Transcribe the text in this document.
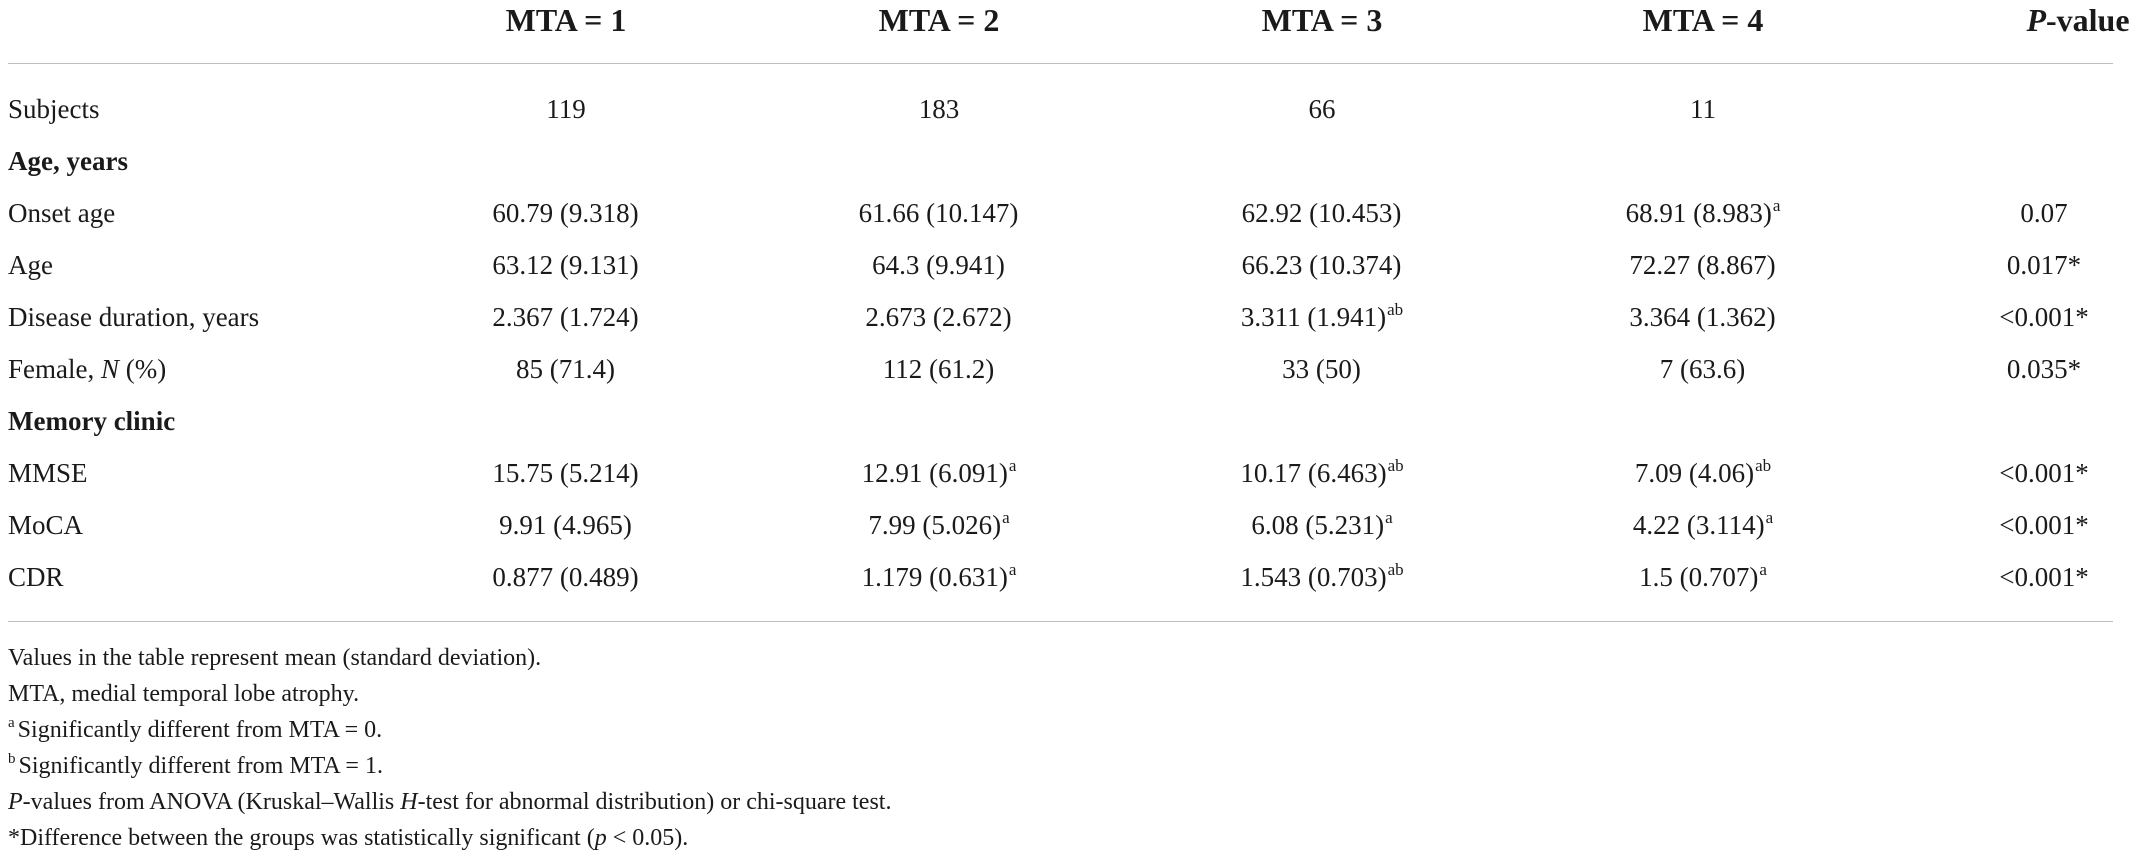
MTA = 1	MTA = 2	MTA = 3	MTA = 4	P-value
Subjects	119	183	66	11
Age, years
Onset age	60.79 (9.318)	61.66 (10.147)	62.92 (10.453)	68.91 $(8.983)^a$	0.07
Age	63.12 (9.131)	64.3 (9.941)	66.23 (10.374)	72.27 (8.867)	0.017*
Disease duration, years	2.367 (1.724)	2.673 (2.672)	3.311 $(1.941)^{ab}$	3.364 (1.362)	<0.001*
Female, N (%)	85 (71.4)	112 (61.2)	33 (50)	7 (63.6)	0.035*
Memory clinic
MMSE	15.75 (5.214)	12.91 $(6.091)^a$	10.17 $(6.463)^{ab}$	7.09 $(4.06)^{ab}$	<0.001*
MoCA	9.91 (4.965)	7.99 $(5.026)^a$	6.08 $(5.231)^a$	4.22 $(3.114)^a$	<0.001*
CDR	0.877 (0.489)	1.179 $(0.631)^a$	1.543 $(0.703)^{ab}$	1.5 $(0.707)^a$	<0.001*
Values in the table represent mean (standard deviation).
MTA, medial temporal lobe atrophy.
$^a$ Significantly different from MTA = 0.
$^b$ Significantly different from MTA = 1.
P-values from ANOVA (Kruskal–Wallis H-test for abnormal distribution) or chi-square test.
*Difference between the groups was statistically significant (p < 0.05).
